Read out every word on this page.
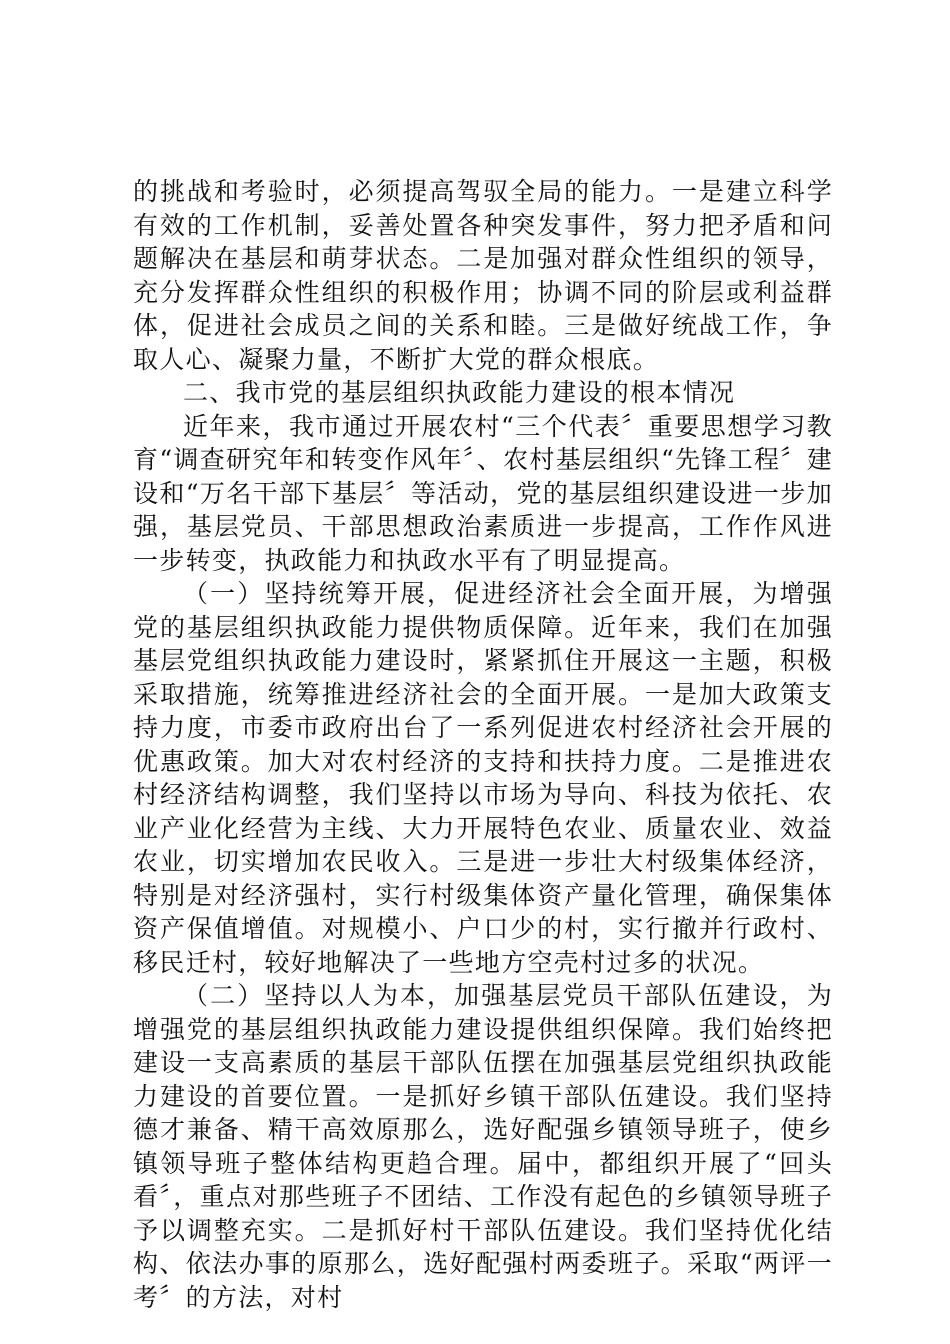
的挑战和考验时，必须提高驾驭全局的能力。一是建立科学有效的工作机制，妥善处置各种突发事件，努力把矛盾和问题解决在基层和萌芽状态。二是加强对群众性组织的领导，充分发挥群众性组织的积极作用；协调不同的阶层或利益群体，促进社会成员之间的关系和睦。三是做好统战工作，争取人心、凝聚力量，不断扩大党的群众根底。

二、我市党的基层组织执政能力建设的根本情况

近年来，我市通过开展农村“三个代表〞重要思想学习教育“调查研究年和转变作风年〞、农村基层组织“先锋工程〞建设和“万名干部下基层〞等活动，党的基层组织建设进一步加强，基层党员、干部思想政治素质进一步提高，工作作风进一步转变，执政能力和执政水平有了明显提高。

（一）坚持统筹开展，促进经济社会全面开展，为增强党的基层组织执政能力提供物质保障。近年来，我们在加强基层党组织执政能力建设时，紧紧抓住开展这一主题，积极采取措施，统筹推进经济社会的全面开展。一是加大政策支持力度，市委市政府出台了一系列促进农村经济社会开展的优惠政策。加大对农村经济的支持和扶持力度。二是推进农村经济结构调整，我们坚持以市场为导向、科技为依托、农业产业化经营为主线、大力开展特色农业、质量农业、效益农业，切实增加农民收入。三是进一步壮大村级集体经济，特别是对经济强村，实行村级集体资产量化管理，确保集体资产保值增值。对规模小、户口少的村，实行撤并行政村、移民迁村，较好地解决了一些地方空壳村过多的状况。

（二）坚持以人为本，加强基层党员干部队伍建设，为增强党的基层组织执政能力建设提供组织保障。我们始终把建设一支高素质的基层干部队伍摆在加强基层党组织执政能力建设的首要位置。一是抓好乡镇干部队伍建设。我们坚持德才兼备、精干高效原那么，选好配强乡镇领导班子，使乡镇领导班子整体结构更趋合理。届中，都组织开展了“回头看〞，重点对那些班子不团结、工作没有起色的乡镇领导班子予以调整充实。二是抓好村干部队伍建设。我们坚持优化结构、依法办事的原那么，选好配强村两委班子。采取“两评一考〞的方法，对村
